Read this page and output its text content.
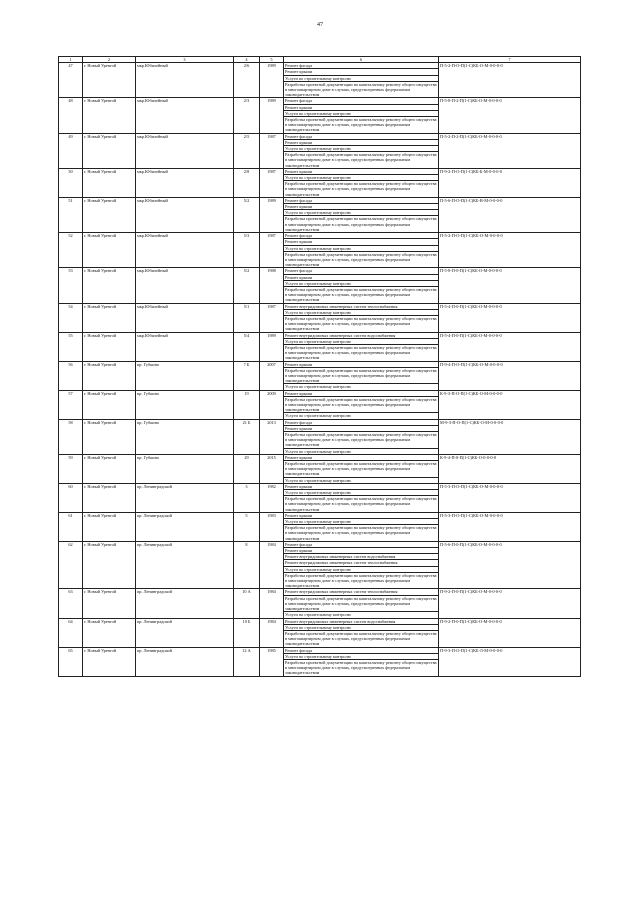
47
1	2	3	4	5	6	7
47	г. Новый Уренгой	мкр.Юбилейный	2/6	1989	Ремонт фасада	П-5-2-П-О-П(1-С)КБ-О-М-0-0-0-0
					Ремонт крыши	
					Услуги по строительному контролю	
					Разработка проектной документации на капитальному ремонту общего имущества в многоквартирном доме в случаях, предусмотренных федеральным законодательством	
48	г. Новый Уренгой	мкр.Юбилейный	2/3	1989	Ремонт фасада	П-5-8-П-2-П(1-С)КБ-О-М-0-0-0-0
					Ремонт крыши	
					Услуги по строительному контролю	
					Разработка проектной документации на капитальному ремонту общего имущества в многоквартирном доме в случаях, предусмотренных федеральным законодательством	
49	г. Новый Уренгой	мкр.Юбилейный	2/5	1987	Ремонт фасада	П-5-2-П-2-П(1-С)КБ-О-М-0-0-0-0
					Ремонт крыши	
					Услуги по строительному контролю	
					Разработка проектной документации на капитальному ремонту общего имущества в многоквартирном доме в случаях, предусмотренных федеральным законодательством	
50	г. Новый Уренгой	мкр.Юбилейный	2/8	1987	Ремонт крыши	П-9-2-П-О-П(1-С)КБ-Б-М-0-0-0-0
					Услуги по строительному контролю	
					Разработка проектной документации на капитальному ремонту общего имущества в многоквартирном доме в случаях, предусмотренных федеральным законодательством	
51	г. Новый Уренгой	мкр.Юбилейный	5/2	1989	Ремонт фасада	П-5-6-П-О-П(1-С)КБ-В-М-0-0-0-0
					Ремонт крыши	
					Услуги по строительному контролю	
					Разработка проектной документации на капитальному ремонту общего имущества в многоквартирном доме в случаях, предусмотренных федеральным законодательством	
52	г. Новый Уренгой	мкр.Юбилейный	5/3	1987	Ремонт фасада	П-5-2-П-О-П(1-С)КБ-О-М-0-0-0-0
					Ремонт крыши	
					Услуги по строительному контролю	
					Разработка проектной документации на капитальному ремонту общего имущества в многоквартирном доме в случаях, предусмотренных федеральным законодательством	
53	г. Новый Уренгой	мкр.Юбилейный	5/2	1988	Ремонт фасада	П-5-8-П-0-П(1-С)КБ-О-М-0-0-0-0
					Ремонт крыши	
					Услуги по строительному контролю	
					Разработка проектной документации на капитальному ремонту общего имущества в многоквартирном доме в случаях, предусмотренных федеральным законодательством	
54	г. Новый Уренгой	мкр.Юбилейный	5/1	1987	Ремонт внутридомовых инженерных систем теплоснабжения	П-5-4-П-0-П(1-С)КБ-О-М-0-0-0-0
					Услуги по строительному контролю	
					Разработка проектной документации на капитальному ремонту общего имущества в многоквартирном доме в случаях, предусмотренных федеральным законодательством	
55	г. Новый Уренгой	мкр.Юбилейный	5/4	1989	Ремонт внутридомовых инженерных систем водоснабжения	П-5-4-П-0-П(1-С)КБ-О-М-0-0-0-0
					Услуги по строительному контролю	
					Разработка проектной документации на капитальному ремонту общего имущества в многоквартирном доме в случаях, предусмотренных федеральным законодательством	
56	г. Новый Уренгой	пр. Губкина	7 Б	2007	Ремонт крыши	П-9-4-П-О-П(1-С)КБ-О-М-0-0-0-0
					Разработка проектной документации на капитальному ремонту общего имущества в многоквартирном доме в случаях, предусмотренных федеральным законодательством	
					Услуги по строительному контролю	
57	г. Новый Уренгой	пр. Губкина	19	2009	Ремонт крыши	К-9-3-П-О-П(1-С)КБ-О-М-0-0-0-0
					Разработка проектной документации на капитальному ремонту общего имущества в многоквартирном доме в случаях, предусмотренных федеральным законодательством	
					Услуги по строительному контролю	
58	г. Новый Уренгой	пр. Губкина	21 Б	2013	Ремонт фасада	М-9-3-П-О-П(1-С)КБ-О-М-0-0-0-0
					Ремонт крыши	
					Разработка проектной документации на капитальному ремонту общего имущества в многоквартирном доме в случаях, предусмотренных федеральным законодательством	
					Услуги по строительному контролю	
59	г. Новый Уренгой	пр. Губкина	29	2015	Ремонт крыши	К-9-4-П-0-П(1-С)КБ-О-0-0-0-0
					Разработка проектной документации на капитальному ремонту общего имущества в многоквартирном доме в случаях, предусмотренных федеральным законодательством	
					Услуги по строительному контролю	
60	г. Новый Уренгой	пр. Ленинградский	3	1982	Ремонт крыши	П-5-3-П-О-П(1-С)КБ-О-М-0-0-0-0
					Услуги по строительному контролю	
					Разработка проектной документации на капитальному ремонту общего имущества в многоквартирном доме в случаях, предусмотренных федеральным законодательством	
61	г. Новый Уренгой	пр. Ленинградский	5	1983	Ремонт крыши	П-5-3-П-О-П(1-С)КБ-О-М-0-0-0-0
					Услуги по строительному контролю	
					Разработка проектной документации на капитальному ремонту общего имущества в многоквартирном доме в случаях, предусмотренных федеральным законодательством	
62	г. Новый Уренгой	пр. Ленинградский	8	1984	Ремонт фасада	П-5-6-П-0-П(1-С)КБ-О-М-0-0-0-0
					Ремонт крыши	
					Ремонт внутридомовых инженерных систем водоснабжения	
					Ремонт внутридомовых инженерных систем теплоснабжения	
					Услуги по строительному контролю	
					Разработка проектной документации на капитальному ремонту общего имущества в многоквартирном доме в случаях, предусмотренных федеральным законодательством	
63	г. Новый Уренгой	пр. Ленинградский	10 А	1984	Ремонт внутридомовых инженерных систем теплоснабжения	П-9-2-П-0-П(1-С)КБ-О-М-0-0-0-0
					Разработка проектной документации на капитальному ремонту общего имущества в многоквартирном доме в случаях, предусмотренных федеральным законодательством	
					Услуги по строительному контролю	
64	г. Новый Уренгой	пр. Ленинградский	10 Б	1984	Ремонт внутридомовых инженерных систем водоснабжения	П-9-2-П-0-П(1-С)КБ-О-М-0-0-0-0
					Услуги по строительному контролю	
					Разработка проектной документации на капитальному ремонту общего имущества в многоквартирном доме в случаях, предусмотренных федеральным законодательством	
65	г. Новый Уренгой	пр. Ленинградский	12 А	1985	Ремонт фасада	П-9-3-П-О-П(1-С)КБ-Л-М-0-0-0-0
					Услуги по строительному контролю	
					Разработка проектной документации на капитальному ремонту общего имущества в многоквартирном доме в случаях, предусмотренных федеральным законодательством	
